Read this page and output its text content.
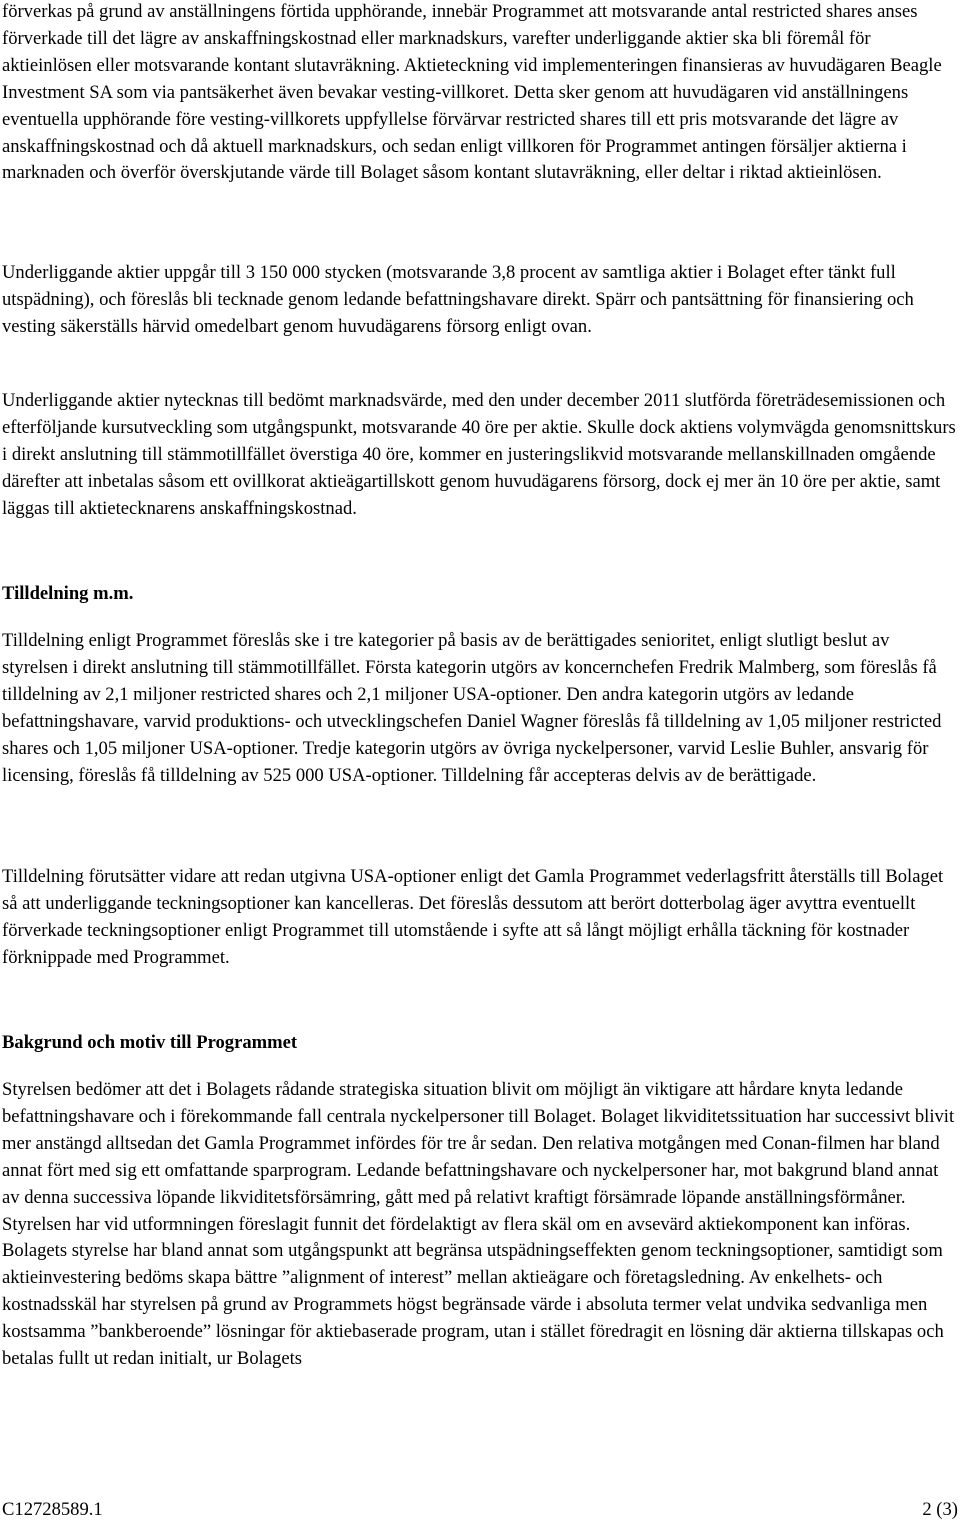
förverkas på grund av anställningens förtida upphörande, innebär Programmet att motsvarande antal restricted shares anses förverkade till det lägre av anskaffningskostnad eller marknadskurs, varefter underliggande aktier ska bli föremål för aktieinlösen eller motsvarande kontant slutavräkning. Aktieteckning vid implementeringen finansieras av huvudägaren Beagle Investment SA som via pantsäkerhet även bevakar vesting-villkoret. Detta sker genom att huvudägaren vid anställningens eventuella upphörande före vesting-villkorets uppfyllelse förvärvar restricted shares till ett pris motsvarande det lägre av anskaffningskostnad och då aktuell marknadskurs, och sedan enligt villkoren för Programmet antingen försäljer aktierna i marknaden och överför överskjutande värde till Bolaget såsom kontant slutavräkning, eller deltar i riktad aktieinlösen.

Underliggande aktier uppgår till 3 150 000 stycken (motsvarande 3,8 procent av samtliga aktier i Bolaget efter tänkt full utspädning), och föreslås bli tecknade genom ledande befattningshavare direkt. Spärr och pantsättning för finansiering och vesting säkerställs härvid omedelbart genom huvudägarens försorg enligt ovan.

Underliggande aktier nytecknas till bedömt marknadsvärde, med den under december 2011 slutförda företrädesemissionen och efterföljande kursutveckling som utgångspunkt, motsvarande 40 öre per aktie. Skulle dock aktiens volymvägda genomsnittskurs i direkt anslutning till stämmotillfället överstiga 40 öre, kommer en justeringslikvid motsvarande mellanskillnaden omgående därefter att inbetalas såsom ett ovillkorat aktieägartillskott genom huvudägarens försorg, dock ej mer än 10 öre per aktie, samt läggas till aktietecknarens anskaffningskostnad.

Tilldelning m.m.

Tilldelning enligt Programmet föreslås ske i tre kategorier på basis av de berättigades senioritet, enligt slutligt beslut av styrelsen i direkt anslutning till stämmotillfället. Första kategorin utgörs av koncernchefen Fredrik Malmberg, som föreslås få tilldelning av 2,1 miljoner restricted shares och 2,1 miljoner USA-optioner. Den andra kategorin utgörs av ledande befattningshavare, varvid produktions- och utvecklingschefen Daniel Wagner föreslås få tilldelning av 1,05 miljoner restricted shares och 1,05 miljoner USA-optioner. Tredje kategorin utgörs av övriga nyckelpersoner, varvid Leslie Buhler, ansvarig för licensing, föreslås få tilldelning av 525 000 USA-optioner. Tilldelning får accepteras delvis av de berättigade.

Tilldelning förutsätter vidare att redan utgivna USA-optioner enligt det Gamla Programmet vederlagsfritt återställs till Bolaget så att underliggande teckningsoptioner kan kancelleras. Det föreslås dessutom att berört dotterbolag äger avyttra eventuellt förverkade teckningsoptioner enligt Programmet till utomstående i syfte att så långt möjligt erhålla täckning för kostnader förknippade med Programmet.

Bakgrund och motiv till Programmet

Styrelsen bedömer att det i Bolagets rådande strategiska situation blivit om möjligt än viktigare att hårdare knyta ledande befattningshavare och i förekommande fall centrala nyckelpersoner till Bolaget. Bolaget likviditetssituation har successivt blivit mer anstängd alltsedan det Gamla Programmet infördes för tre år sedan. Den relativa motgången med Conan-filmen har bland annat fört med sig ett omfattande sparprogram. Ledande befattningshavare och nyckelpersoner har, mot bakgrund bland annat av denna successiva löpande likviditetsförsämring, gått med på relativt kraftigt försämrade löpande anställningsförmåner. Styrelsen har vid utformningen föreslagit funnit det fördelaktigt av flera skäl om en avsevärd aktiekomponent kan införas. Bolagets styrelse har bland annat som utgångspunkt att begränsa utspädningseffekten genom teckningsoptioner, samtidigt som aktieinvestering bedöms skapa bättre ”alignment of interest” mellan aktieägare och företagsledning. Av enkelhets- och kostnadsskäl har styrelsen på grund av Programmets högst begränsade värde i absoluta termer velat undvika sedvanliga men kostsamma ”bankberoende” lösningar för aktiebaserade program, utan i stället föredragit en lösning där aktierna tillskapas och betalas fullt ut redan initialt, ur Bolagets

C12728589.1	2 (3)
